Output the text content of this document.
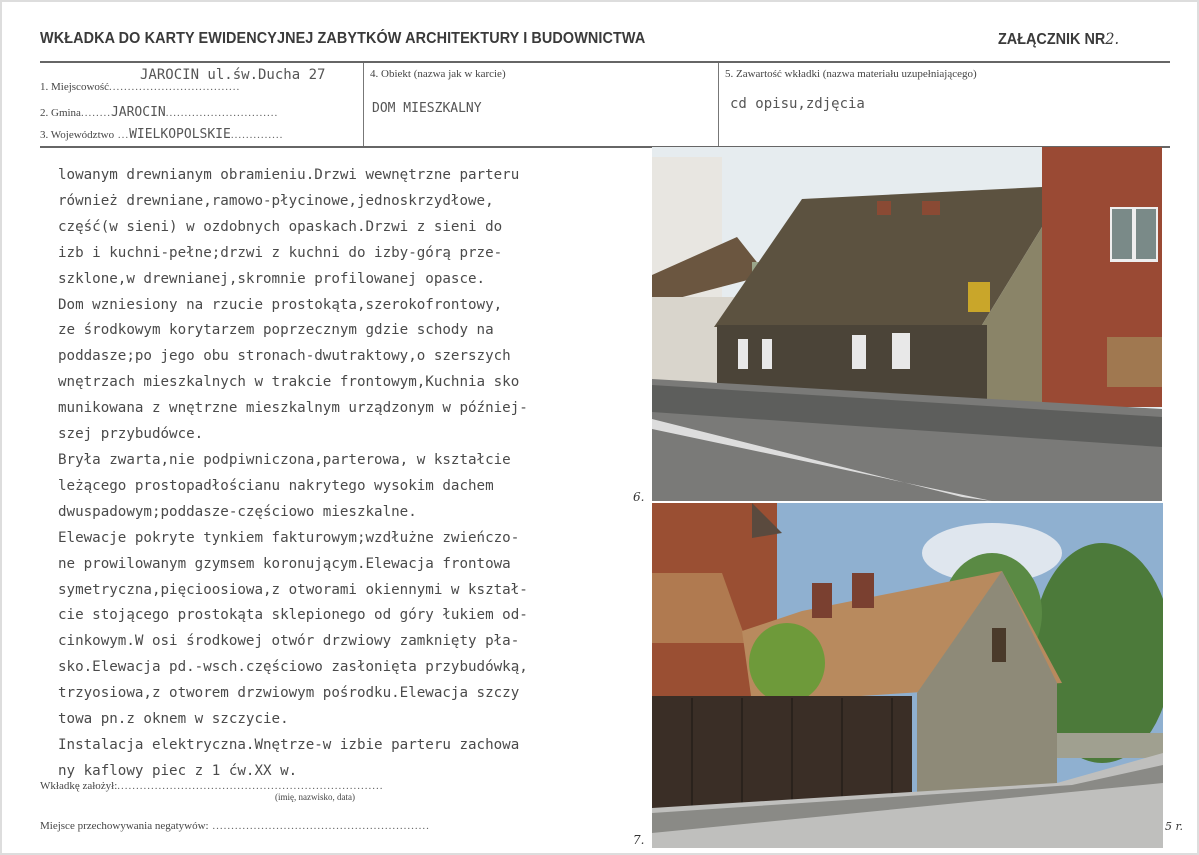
WKŁADKA DO KARTY EWIDENCYJNEJ ZABYTKÓW ARCHITEKTURY I BUDOWNICTWA	ZAŁĄCZNIK NR2.
JAROCIN ul.św.Ducha 27
1. Miejscowość...................................
2. Gmina........JAROCIN..............................
3. Województwo ...WIELKOPOLSKIE..............
4. Obiekt (nazwa jak w karcie)
DOM MIESZKALNY
5. Zawartość wkładki (nazwa materiału uzupełniającego)
cd opisu,zdjęcia
lowanym drewnianym obramieniu.Drzwi wewnętrzne parteru
również drewniane,ramowo-płycinowe,jednoskrzydłowe,
część(w sieni) w ozdobnych opaskach.Drzwi z sieni do
izb i kuchni-pełne;drzwi z kuchni do izby-górą prze-
szklone,w drewnianej,skromnie profilowanej opasce.
Dom wzniesiony na rzucie prostokąta,szerokofrontowy,
ze środkowym korytarzem poprzecznym gdzie schody na
poddasze;po jego obu stronach-dwutraktowy,o szerszych
wnętrzach mieszkalnych w trakcie frontowym,Kuchnia sko
munikowana z wnętrzne mieszkalnym urządzonym w później-
szej przybudówce.
Bryła zwarta,nie podpiwniczona,parterowa, w kształcie
leżącego prostopadłościanu nakrytego wysokim dachem
dwuspadowym;poddasze-częściowo mieszkalne.
Elewacje pokryte tynkiem fakturowym;wzdłużne zwieńczo-
ne prowilowanym gzymsem koronującym.Elewacja frontowa
symetryczna,pięcioosiowa,z otworami okiennymi w kształ-
cie stojącego prostokąta sklepionego od góry łukiem od-
cinkowym.W osi środkowej otwór drzwiowy zamknięty pła-
sko.Elewacja pd.-wsch.częściowo zasłonięta przybudówką,
trzyosiowa,z otworem drzwiowym pośrodku.Elewacja szczy
towa pn.z oknem w szczycie.
Instalacja elektryczna.Wnętrze-w izbie parteru zachowa
ny kaflowy piec z 1 ćw.XX w.
Wkładkę założył:.......................................................................
(imię, nazwisko, data)
Miejsce przechowywania negatywów: ..........................................................
6.
7.
5 r.
